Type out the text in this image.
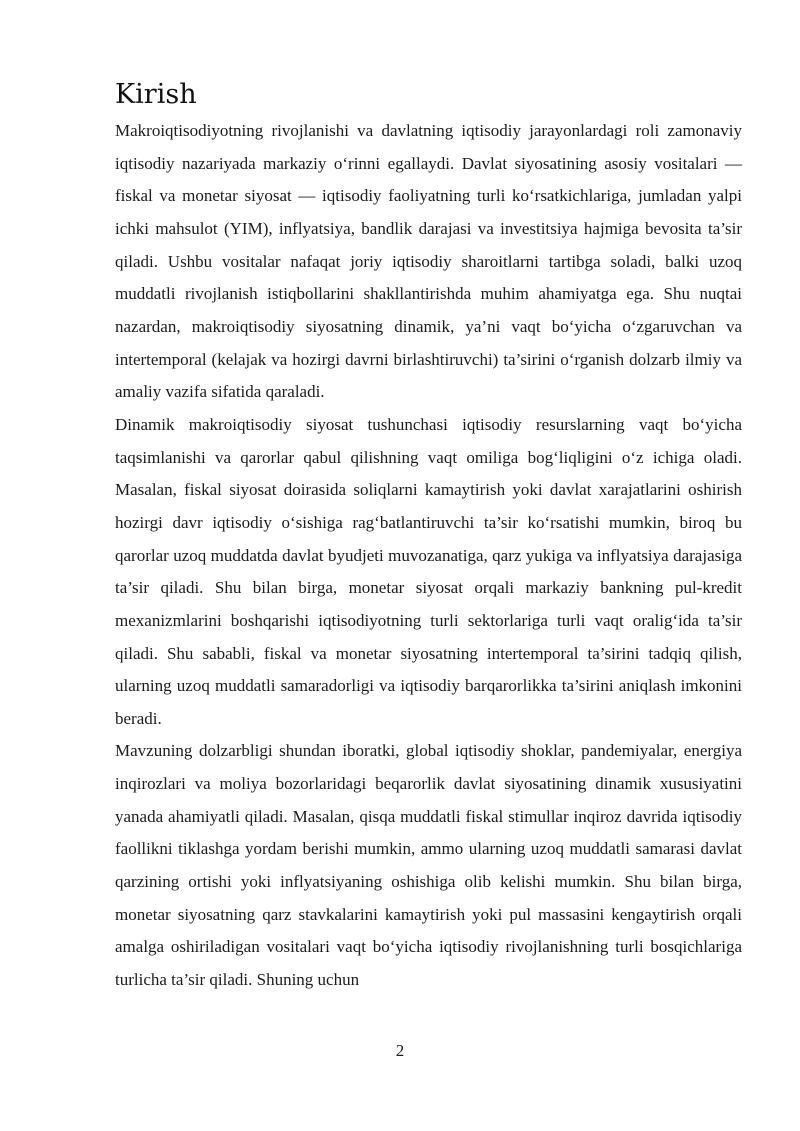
Kirish

Makroiqtisodiyotning rivojlanishi va davlatning iqtisodiy jarayonlardagi roli zamonaviy iqtisodiy nazariyada markaziy o‘rinni egallaydi. Davlat siyosatining asosiy vositalari — fiskal va monetar siyosat — iqtisodiy faoliyatning turli ko‘rsatkichlariga, jumladan yalpi ichki mahsulot (YIM), inflyatsiya, bandlik darajasi va investitsiya hajmiga bevosita ta’sir qiladi. Ushbu vositalar nafaqat joriy iqtisodiy sharoitlarni tartibga soladi, balki uzoq muddatli rivojlanish istiqbollarini shakllantirishda muhim ahamiyatga ega. Shu nuqtai nazardan, makroiqtisodiy siyosatning dinamik, ya’ni vaqt bo‘yicha o‘zgaruvchan va intertemporal (kelajak va hozirgi davrni birlashtiruvchi) ta’sirini o‘rganish dolzarb ilmiy va amaliy vazifa sifatida qaraladi.

Dinamik makroiqtisodiy siyosat tushunchasi iqtisodiy resurslarning vaqt bo‘yicha taqsimlanishi va qarorlar qabul qilishning vaqt omiliga bog‘liqligini o‘z ichiga oladi. Masalan, fiskal siyosat doirasida soliqlarni kamaytirish yoki davlat xarajatlarini oshirish hozirgi davr iqtisodiy o‘sishiga rag‘batlantiruvchi ta’sir ko‘rsatishi mumkin, biroq bu qarorlar uzoq muddatda davlat byudjeti muvozanatiga, qarz yukiga va inflyatsiya darajasiga ta’sir qiladi. Shu bilan birga, monetar siyosat orqali markaziy bankning pul-kredit mexanizmlarini boshqarishi iqtisodiyotning turli sektorlariga turli vaqt oralig‘ida ta’sir qiladi. Shu sababli, fiskal va monetar siyosatning intertemporal ta’sirini tadqiq qilish, ularning uzoq muddatli samaradorligi va iqtisodiy barqarorlikka ta’sirini aniqlash imkonini beradi.

Mavzuning dolzarbligi shundan iboratki, global iqtisodiy shoklar, pandemiyalar, energiya inqirozlari va moliya bozorlaridagi beqarorlik davlat siyosatining dinamik xususiyatini yanada ahamiyatli qiladi. Masalan, qisqa muddatli fiskal stimullar inqiroz davrida iqtisodiy faollikni tiklashga yordam berishi mumkin, ammo ularning uzoq muddatli samarasi davlat qarzining ortishi yoki inflyatsiyaning oshishiga olib kelishi mumkin. Shu bilan birga, monetar siyosatning qarz stavkalarini kamaytirish yoki pul massasini kengaytirish orqali amalga oshiriladigan vositalari vaqt bo‘yicha iqtisodiy rivojlanishning turli bosqichlariga turlicha ta’sir qiladi. Shuning uchun

2
